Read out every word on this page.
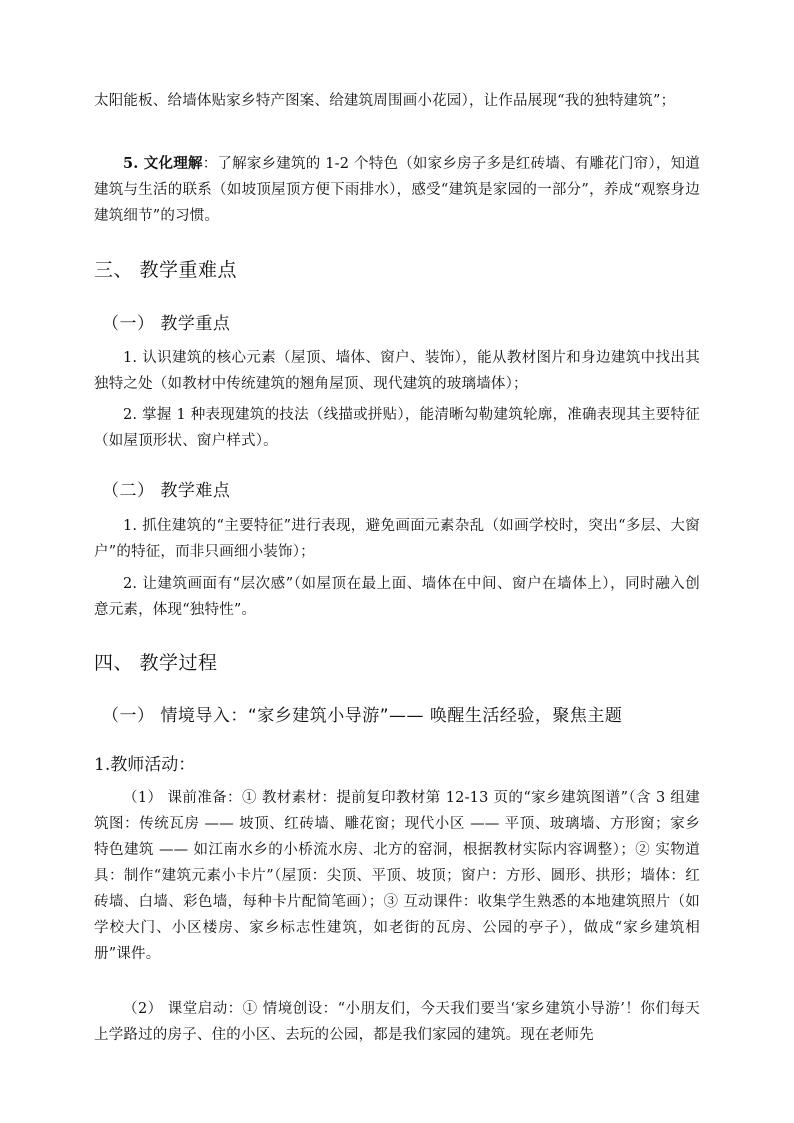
太阳能板、给墙体贴家乡特产图案、给建筑周围画小花园），让作品展现“我的独特建筑”；

5. 文化理解：了解家乡建筑的 1-2 个特色（如家乡房子多是红砖墙、有雕花门帘），知道建筑与生活的联系（如坡顶屋顶方便下雨排水），感受“建筑是家园的一部分”，养成“观察身边建筑细节”的习惯。

三、 教学重难点
（一） 教学重点

1. 认识建筑的核心元素（屋顶、墙体、窗户、装饰），能从教材图片和身边建筑中找出其独特之处（如教材中传统建筑的翘角屋顶、现代建筑的玻璃墙体）；

2. 掌握 1 种表现建筑的技法（线描或拼贴），能清晰勾勒建筑轮廓，准确表现其主要特征（如屋顶形状、窗户样式）。

（二） 教学难点

1. 抓住建筑的“主要特征”进行表现，避免画面元素杂乱（如画学校时，突出“多层、大窗户”的特征，而非只画细小装饰）；

2. 让建筑画面有“层次感”（如屋顶在最上面、墙体在中间、窗户在墙体上），同时融入创意元素，体现“独特性”。

四、 教学过程
（一） 情境导入：“家乡建筑小导游”—— 唤醒生活经验，聚焦主题
1.教师活动：

（1） 课前准备：① 教材素材：提前复印教材第 12-13 页的“家乡建筑图谱”（含 3 组建筑图：传统瓦房 —— 坡顶、红砖墙、雕花窗；现代小区 —— 平顶、玻璃墙、方形窗；家乡特色建筑 —— 如江南水乡的小桥流水房、北方的窑洞，根据教材实际内容调整）；② 实物道具：制作“建筑元素小卡片”（屋顶：尖顶、平顶、坡顶；窗户：方形、圆形、拱形；墙体：红砖墙、白墙、彩色墙，每种卡片配简笔画）；③ 互动课件：收集学生熟悉的本地建筑照片（如学校大门、小区楼房、家乡标志性建筑，如老街的瓦房、公园的亭子），做成“家乡建筑相册”课件。

（2） 课堂启动：① 情境创设：“小朋友们，今天我们要当‘家乡建筑小导游’！你们每天上学路过的房子、住的小区、去玩的公园，都是我们家园的建筑。现在老师先
